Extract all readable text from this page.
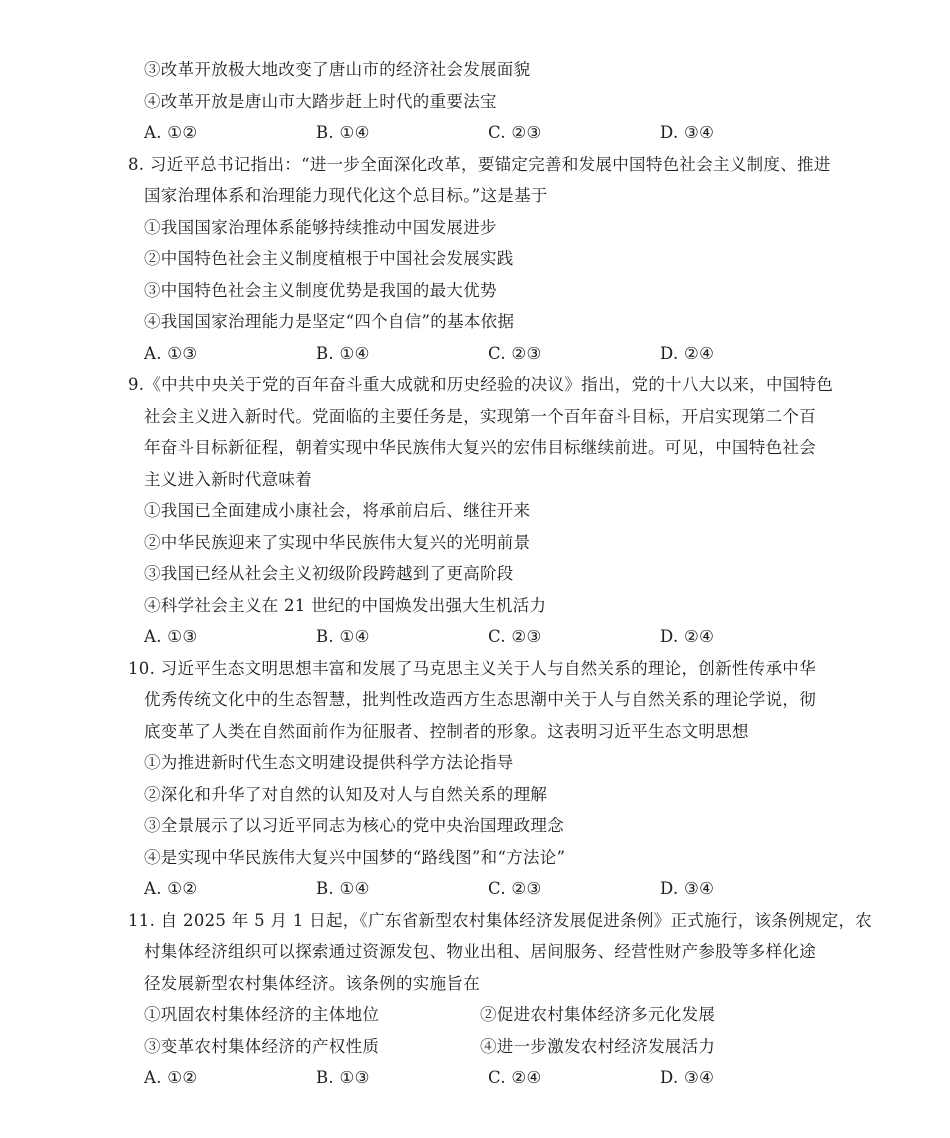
③改革开放极大地改变了唐山市的经济社会发展面貌
④改革开放是唐山市大踏步赶上时代的重要法宝
A. ①②	B. ①④	C. ②③	D. ③④
8. 习近平总书记指出：“进一步全面深化改革，要锚定完善和发展中国特色社会主义制度、推进
国家治理体系和治理能力现代化这个总目标。”这是基于
①我国国家治理体系能够持续推动中国发展进步
②中国特色社会主义制度植根于中国社会发展实践
③中国特色社会主义制度优势是我国的最大优势
④我国国家治理能力是坚定“四个自信”的基本依据
A. ①③	B. ①④	C. ②③	D. ②④
9.《中共中央关于党的百年奋斗重大成就和历史经验的决议》指出，党的十八大以来，中国特色
社会主义进入新时代。党面临的主要任务是，实现第一个百年奋斗目标，开启实现第二个百
年奋斗目标新征程，朝着实现中华民族伟大复兴的宏伟目标继续前进。可见，中国特色社会
主义进入新时代意味着
①我国已全面建成小康社会，将承前启后、继往开来
②中华民族迎来了实现中华民族伟大复兴的光明前景
③我国已经从社会主义初级阶段跨越到了更高阶段
④科学社会主义在 21 世纪的中国焕发出强大生机活力
A. ①③	B. ①④	C. ②③	D. ②④
10. 习近平生态文明思想丰富和发展了马克思主义关于人与自然关系的理论，创新性传承中华
优秀传统文化中的生态智慧，批判性改造西方生态思潮中关于人与自然关系的理论学说，彻
底变革了人类在自然面前作为征服者、控制者的形象。这表明习近平生态文明思想
①为推进新时代生态文明建设提供科学方法论指导
②深化和升华了对自然的认知及对人与自然关系的理解
③全景展示了以习近平同志为核心的党中央治国理政理念
④是实现中华民族伟大复兴中国梦的“路线图”和“方法论”
A. ①②	B. ①④	C. ②③	D. ③④
11. 自 2025 年 5 月 1 日起，《广东省新型农村集体经济发展促进条例》正式施行，该条例规定，农
村集体经济组织可以探索通过资源发包、物业出租、居间服务、经营性财产参股等多样化途
径发展新型农村集体经济。该条例的实施旨在
①巩固农村集体经济的主体地位	②促进农村集体经济多元化发展
③变革农村集体经济的产权性质	④进一步激发农村经济发展活力
A. ①②	B. ①③	C. ②④	D. ③④
